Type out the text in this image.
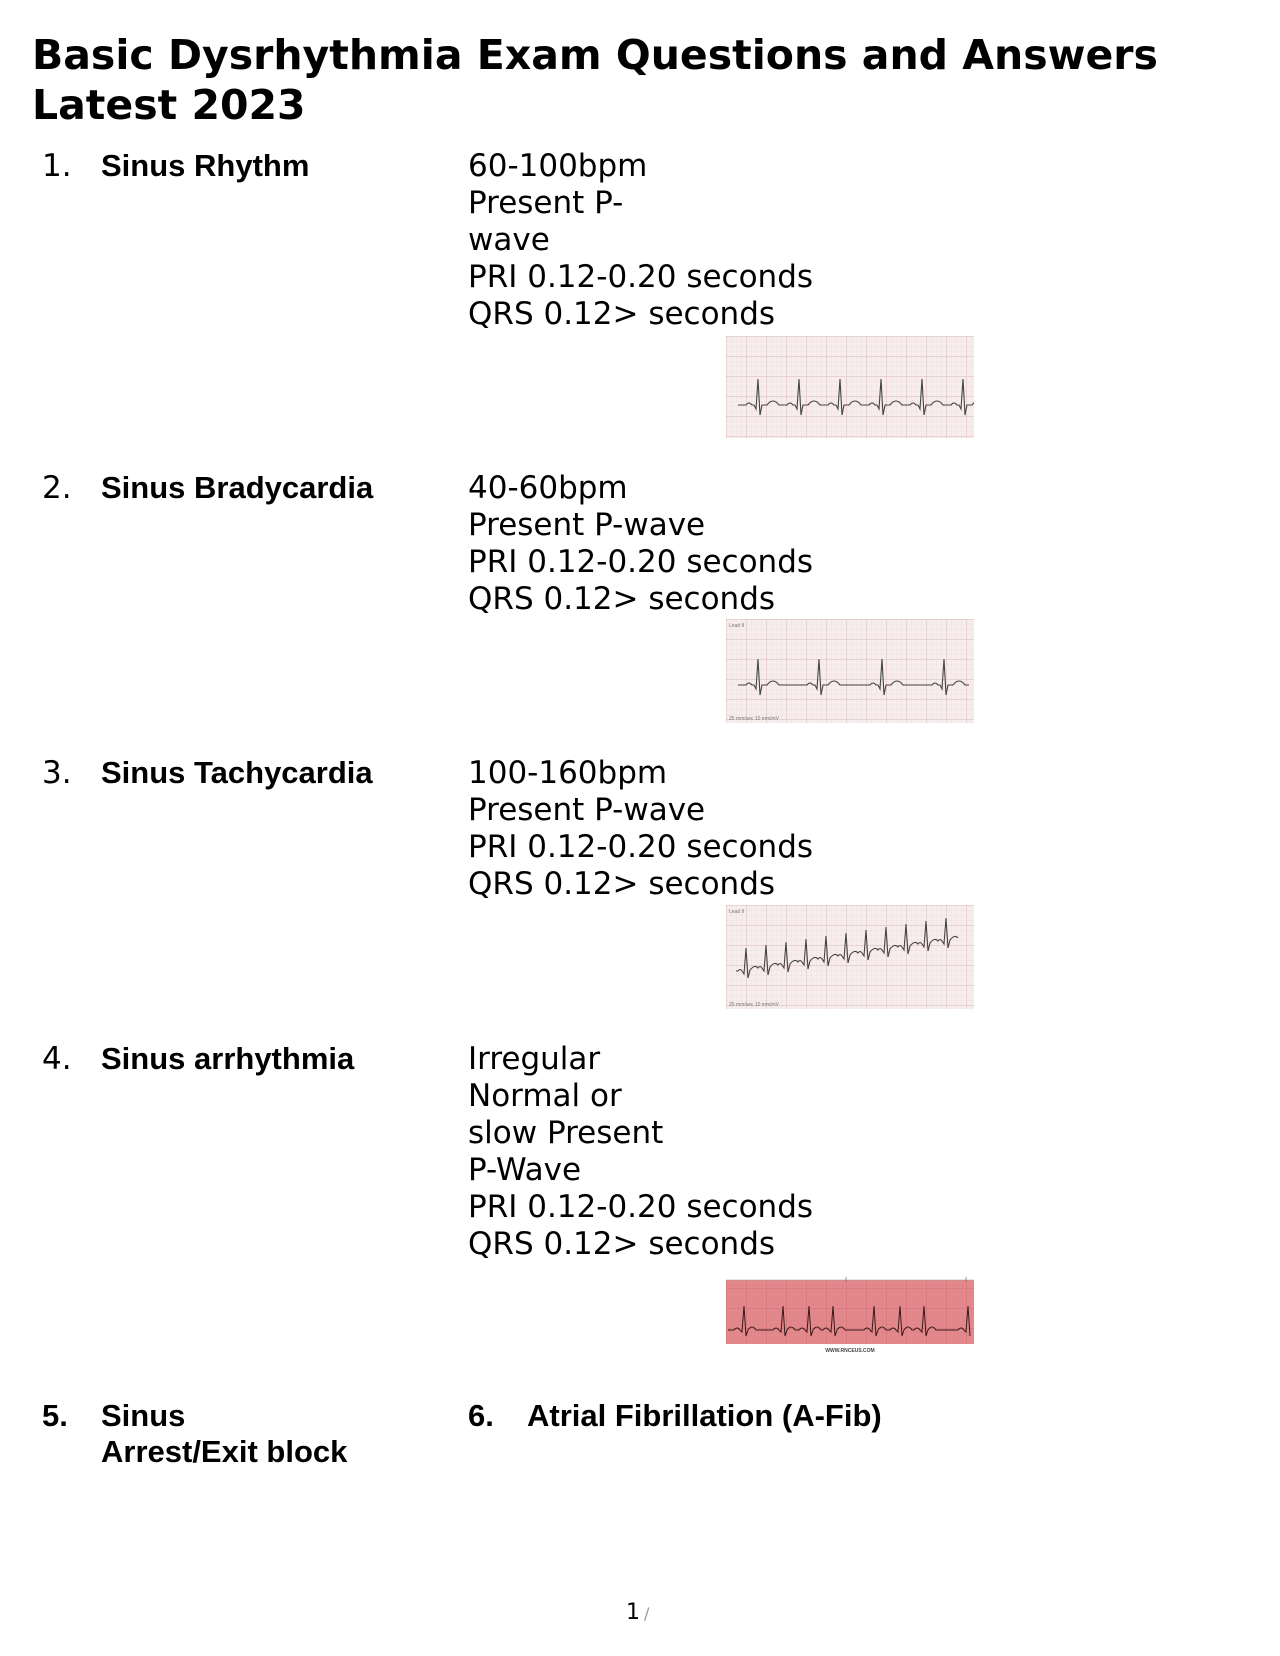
Basic Dysrhythmia Exam Questions and Answers
Latest 2023
1. Sinus Rhythm	60-100bpm
Present P-
wave
PRI 0.12-0.20 seconds
QRS 0.12> seconds
2. Sinus Bradycardia	40-60bpm
Present P-wave
PRI 0.12-0.20 seconds
QRS 0.12> seconds
Lead II
25 mm/sec 10 mm/mV
3. Sinus Tachycardia	100-160bpm
Present P-wave
PRI 0.12-0.20 seconds
QRS 0.12> seconds
Lead II
25 mm/sec 10 mm/mV
4. Sinus arrhythmia	Irregular
Normal or
slow Present
P-Wave
PRI 0.12-0.20 seconds
QRS 0.12> seconds
WWW.RNCEUS.COM
5. Sinus
Arrest/Exit block
6. Atrial Fibrillation (A-Fib)
1 /
